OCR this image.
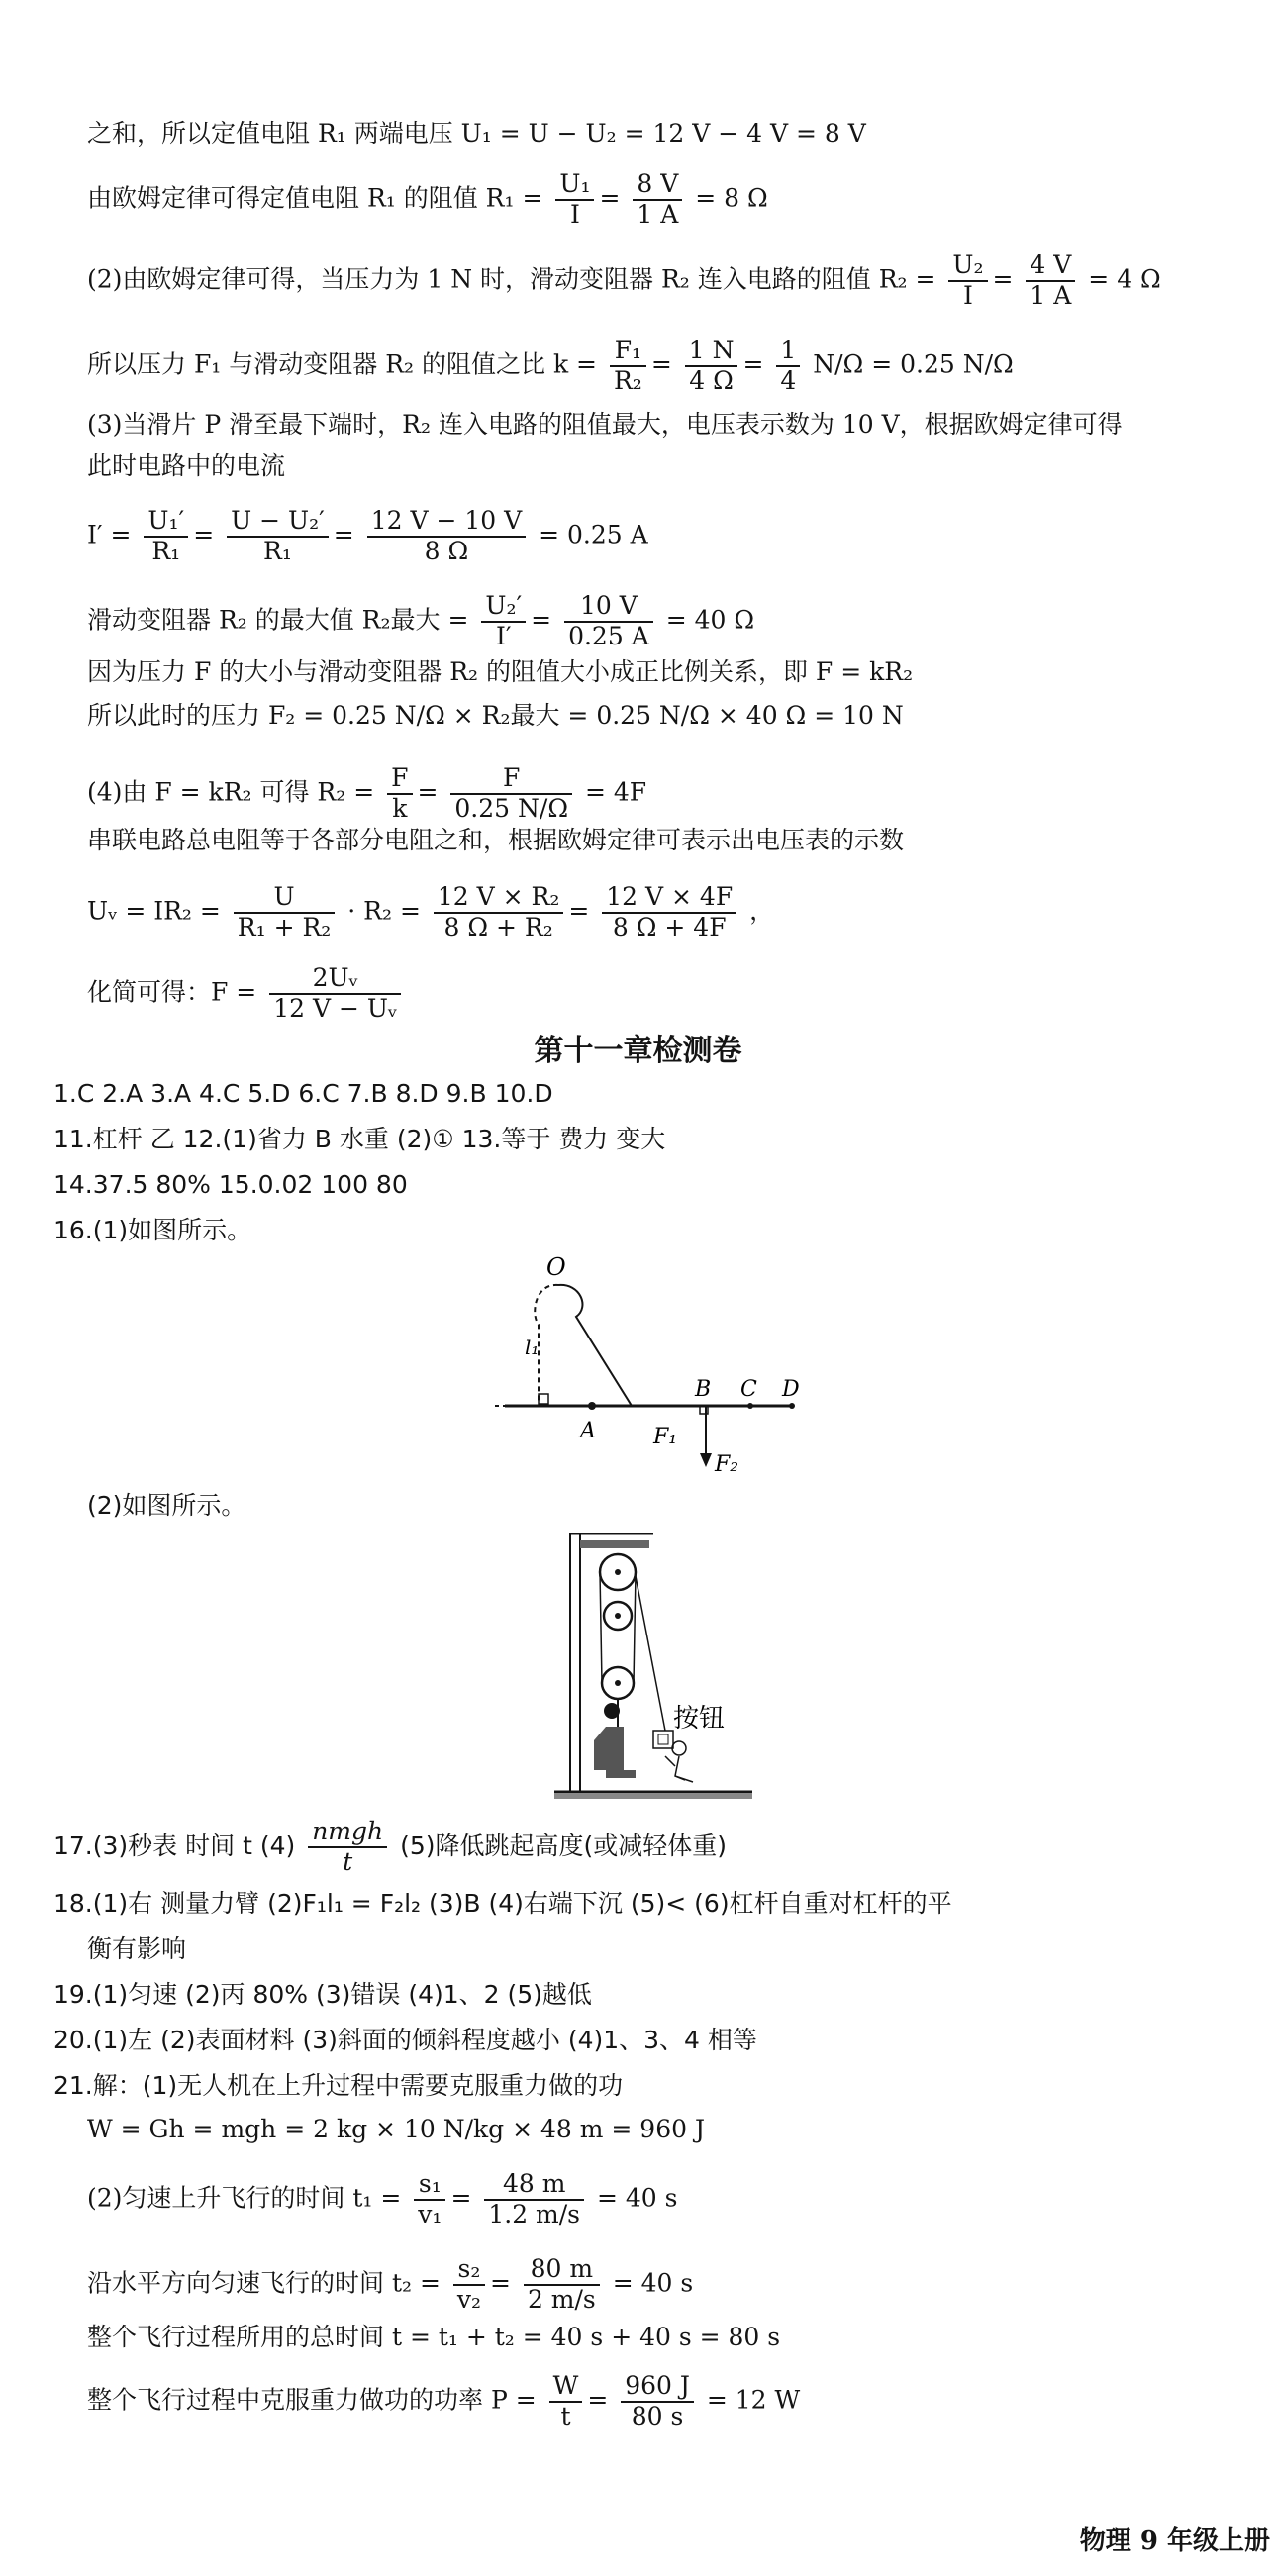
之和，所以定值电阻 R₁ 两端电压 U₁ = U − U₂ = 12 V − 4 V = 8 V
由欧姆定律可得定值电阻 R₁ 的阻值 $R_1 = \frac{\text{U₁}}{I} = \frac{8 V}{1 A} = 8$ Ω
(2)由欧姆定律可得，当压力为 1 N 时，滑动变阻器 R₂ 连入电路的阻值 $R_2 = \frac{\text{U₂}}{I} = \frac{4 V}{1 A} = 4$ Ω
所以压力 F₁ 与滑动变阻器 R₂ 的阻值之比 $k = \frac{\text{F₁}}{\text{R₂}} = \frac{1 N}{4 \Omega} = \frac{1}{4} N/\Omega = 0.25$ N/Ω
(3)当滑片 P 滑至最下端时，R₂ 连入电路的阻值最大，电压表示数为 10 V，根据欧姆定律可得
此时电路中的电流
$I' = \frac{\text{U₁′}}{\text{R₁}} = \frac{\text{U − U₂′}}{\text{R₁}} = \frac{12 V - 10 V}{8 \Omega} = 0.25$ A
滑动变阻器 R₂ 的最大值 R₂最大 = $\frac{\text{U₂′}}{I'} = \frac{10 V}{0.25 A} = 40$ Ω
因为压力 F 的大小与滑动变阻器 R₂ 的阻值大小成正比例关系，即 F = kR₂
所以此时的压力 F₂ = 0.25 N/Ω × R₂最大 = 0.25 N/Ω × 40 Ω = 10 N
(4)由 F = kR₂ 可得 $R_2 = \frac{F}{k} = \frac{F}{0.25 N/\Omega} = 4F$
串联电路总电阻等于各部分电阻之和，根据欧姆定律可表示出电压表的示数
Uᵥ = $IR_2 = \frac{U}{\text{R₁ + R₂}} \cdot R_2 = \frac{\text{12 V × R₂}}{\text{8 Ω + R₂}} = \frac{12 V \times 4F}{8 \Omega + 4F}$ ，
化简可得：$F = \frac{\text{2Uᵥ}}{\text{12 V − Uᵥ}}$
第十一章检测卷
1.C 2.A 3.A 4.C 5.D 6.C 7.B 8.D 9.B 10.D
11.杠杆 乙 12.(1)省力 B 水重 (2)① 13.等于 费力 变大
14.37.5 80% 15.0.02 100 80
16.(1)如图所示。
O
l₁
A	F₁
B C D
F₂
(2)如图所示。
按钮
17.(3)秒表 时间 t $(4) \frac{\text{nmgh}}{t} (5)$降低跳起高度(或减轻体重)
18.(1)右 测量力臂 (2)F₁l₁ = F₂l₂ (3)B (4)右端下沉 (5)< (6)杠杆自重对杠杆的平
衡有影响
19.(1)匀速 (2)丙 80% (3)错误 (4)1、2 (5)越低
20.(1)左 (2)表面材料 (3)斜面的倾斜程度越小 (4)1、3、4 相等
21.解：(1)无人机在上升过程中需要克服重力做的功
W = Gh = mgh = 2 kg × 10 N/kg × 48 m = 960 J
(2)匀速上升飞行的时间 $t_1 = \frac{\text{s₁}}{\text{v₁}} = \frac{48 m}{1.2 m/s} = 40$ s
沿水平方向匀速飞行的时间 $t_2 = \frac{\text{s₂}}{\text{v₂}} = \frac{80 m}{2 m/s} = 40$ s
整个飞行过程所用的总时间 t = t₁ + t₂ = 40 s + 40 s = 80 s
整个飞行过程中克服重力做功的功率 $P = \frac{W}{t} = \frac{960 J}{80 s} = 12$ W
物理 9 年级上册
